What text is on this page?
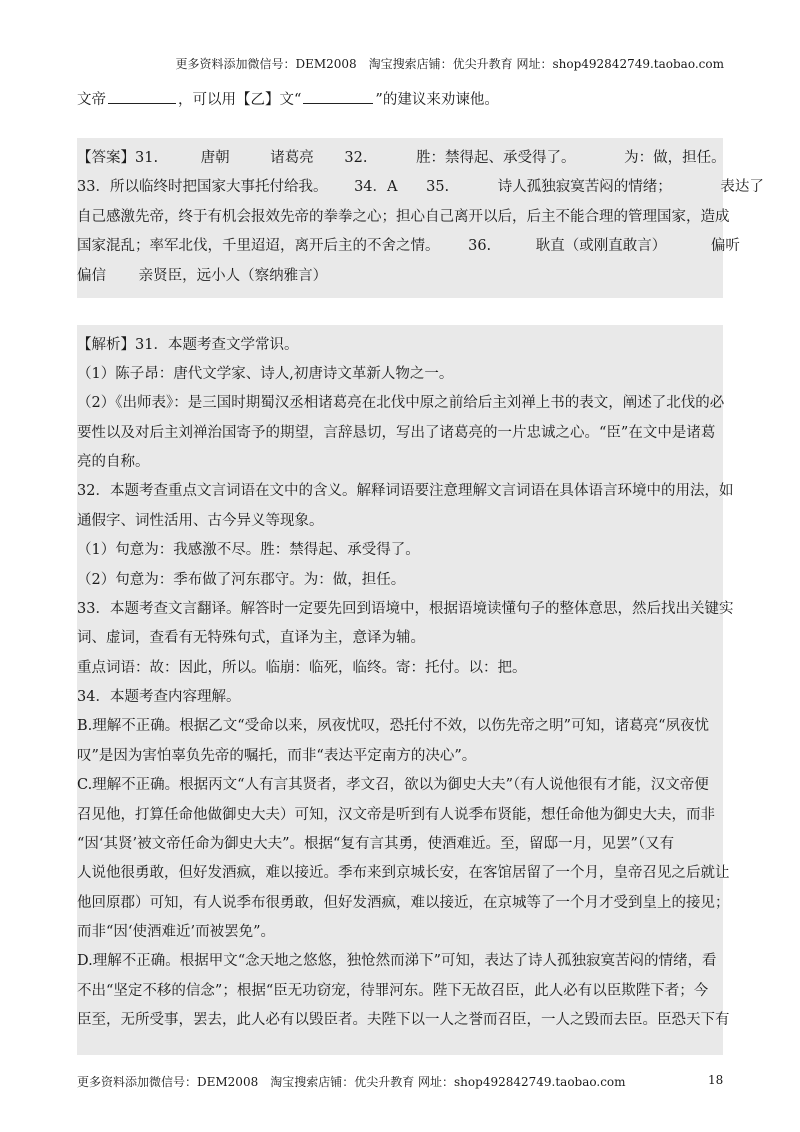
更多资料添加微信号：DEM2008　淘宝搜索店铺：优尖升教育 网址：shop492842749.taobao.com
文帝	，可以用【乙】文“	”的建议来劝谏他。
【答案】31.	唐朝	诸葛亮 32.	胜：禁得起、承受得了。	为：做，担任。
33．所以临终时把国家大事托付给我。 34．A 35.	诗人孤独寂寞苦闷的情绪；	表达了
自己感激先帝，终于有机会报效先帝的拳拳之心；担心自己离开以后，后主不能合理的管理国家，造成
国家混乱；率军北伐，千里迢迢，离开后主的不舍之情。 36.	耿直（或刚直敢言）	偏听
偏信 亲贤臣，远小人（察纳雅言）
【解析】31．本题考查文学常识。
（1）陈子昂：唐代文学家、诗人,初唐诗文革新人物之一。
（2）《出师表》：是三国时期蜀汉丞相诸葛亮在北伐中原之前给后主刘禅上书的表文，阐述了北伐的必
要性以及对后主刘禅治国寄予的期望，言辞恳切，写出了诸葛亮的一片忠诚之心。“臣”在文中是诸葛
亮的自称。
32．本题考查重点文言词语在文中的含义。解释词语要注意理解文言词语在具体语言环境中的用法，如
通假字、词性活用、古今异义等现象。
（1）句意为：我感激不尽。胜：禁得起、承受得了。
（2）句意为：季布做了河东郡守。为：做，担任。
33．本题考查文言翻译。解答时一定要先回到语境中，根据语境读懂句子的整体意思，然后找出关键实
词、虚词，查看有无特殊句式，直译为主，意译为辅。
重点词语：故：因此，所以。临崩：临死，临终。寄：托付。以：把。
34．本题考查内容理解。
B.理解不正确。根据乙文“受命以来，夙夜忧叹，恐托付不效，以伤先帝之明”可知，诸葛亮“夙夜忧
叹”是因为害怕辜负先帝的嘱托，而非“表达平定南方的决心”。
C.理解不正确。根据丙文“人有言其贤者，孝文召，欲以为御史大夫”（有人说他很有才能，汉文帝便
召见他，打算任命他做御史大夫）可知，汉文帝是听到有人说季布贤能，想任命他为御史大夫，而非
“因‘其贤’被文帝任命为御史大夫”。根据“复有言其勇，使酒难近。至，留邸一月，见罢”（又有
人说他很勇敢，但好发酒疯，难以接近。季布来到京城长安，在客馆居留了一个月，皇帝召见之后就让
他回原郡）可知，有人说季布很勇敢，但好发酒疯，难以接近，在京城等了一个月才受到皇上的接见；
而非“因‘使酒难近’而被罢免”。
D.理解不正确。根据甲文“念天地之悠悠，独怆然而涕下”可知，表达了诗人孤独寂寞苦闷的情绪，看
不出“坚定不移的信念”；根据“臣无功窃宠，待罪河东。陛下无故召臣，此人必有以臣欺陛下者；今
臣至，无所受事，罢去，此人必有以毁臣者。夫陛下以一人之誉而召臣，一人之毁而去臣。臣恐天下有
更多资料添加微信号：DEM2008　淘宝搜索店铺：优尖升教育 网址：shop492842749.taobao.com	18
